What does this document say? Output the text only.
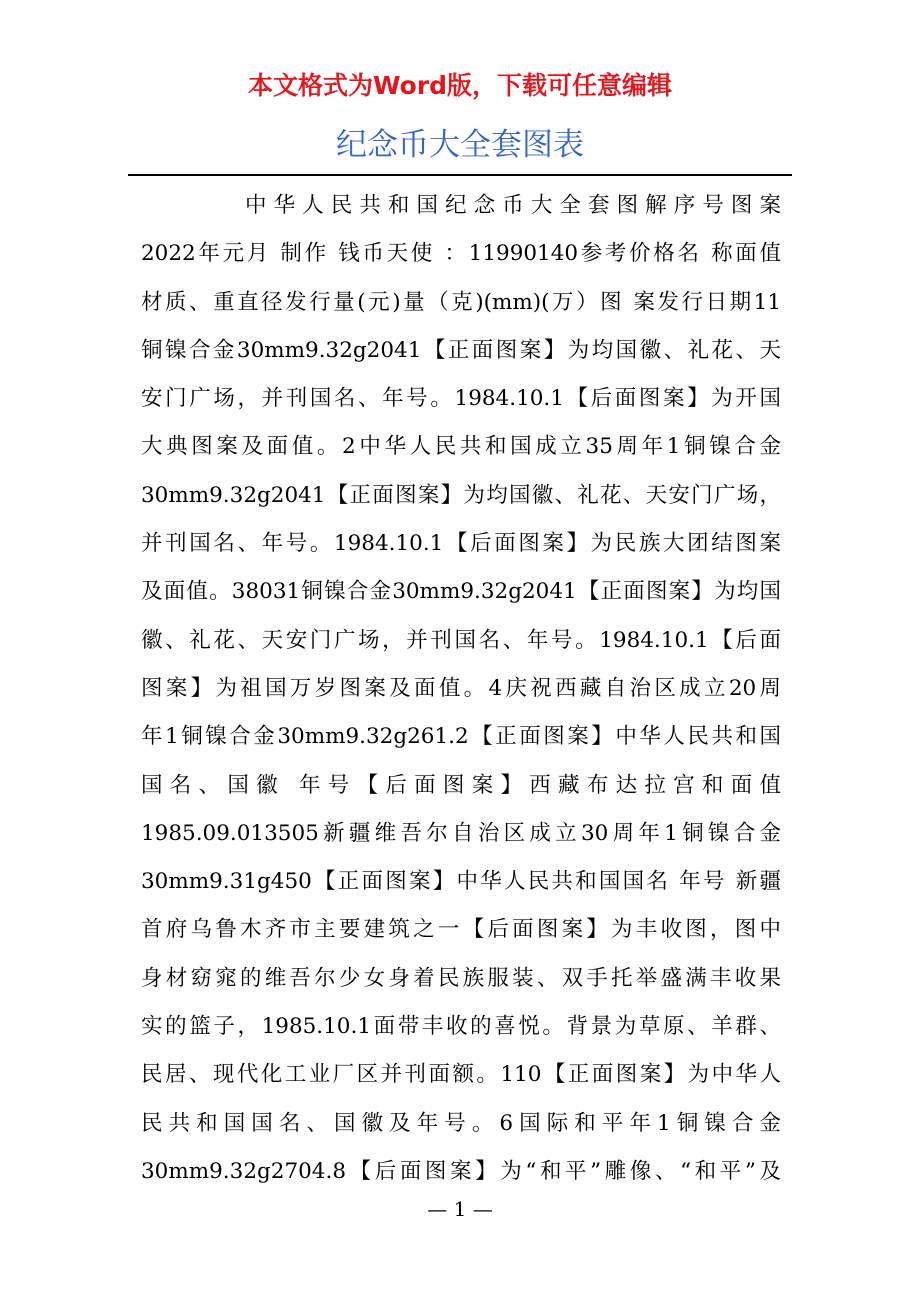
本文格式为Word版，下载可任意编辑
纪念币大全套图表
中华人民共和国纪念币大全套图解序号图案
2022年元月 制作 钱币天使 ：11990140参考价格名 称面值
材质、重直径发行量(元)量（克)(mm)(万）图 案发行日期11
铜镍合金30mm9.32g2041【正面图案】为均国徽、礼花、天
安门广场，并刊国名、年号。1984.10.1【后面图案】为开国
大典图案及面值。2中华人民共和国成立35周年1铜镍合金
30mm9.32g2041【正面图案】为均国徽、礼花、天安门广场，
并刊国名、年号。1984.10.1【后面图案】为民族大团结图案
及面值。38031铜镍合金30mm9.32g2041【正面图案】为均国
徽、礼花、天安门广场，并刊国名、年号。1984.10.1【后面
图案】为祖国万岁图案及面值。4庆祝西藏自治区成立20周
年1铜镍合金30mm9.32g261.2【正面图案】中华人民共和国
国名、国徽 年号【后面图案】西藏布达拉宫和面值
1985.09.013505新疆维吾尔自治区成立30周年1铜镍合金
30mm9.31g450【正面图案】中华人民共和国国名 年号 新疆
首府乌鲁木齐市主要建筑之一【后面图案】为丰收图，图中
身材窈窕的维吾尔少女身着民族服装、双手托举盛满丰收果
实的篮子，1985.10.1面带丰收的喜悦。背景为草原、羊群、
民居、现代化工业厂区并刊面额。110【正面图案】为中华人
民共和国国名、国徽及年号。6国际和平年1铜镍合金
30mm9.32g2704.8【后面图案】为“和平”雕像、“和平”及
— 1 —
